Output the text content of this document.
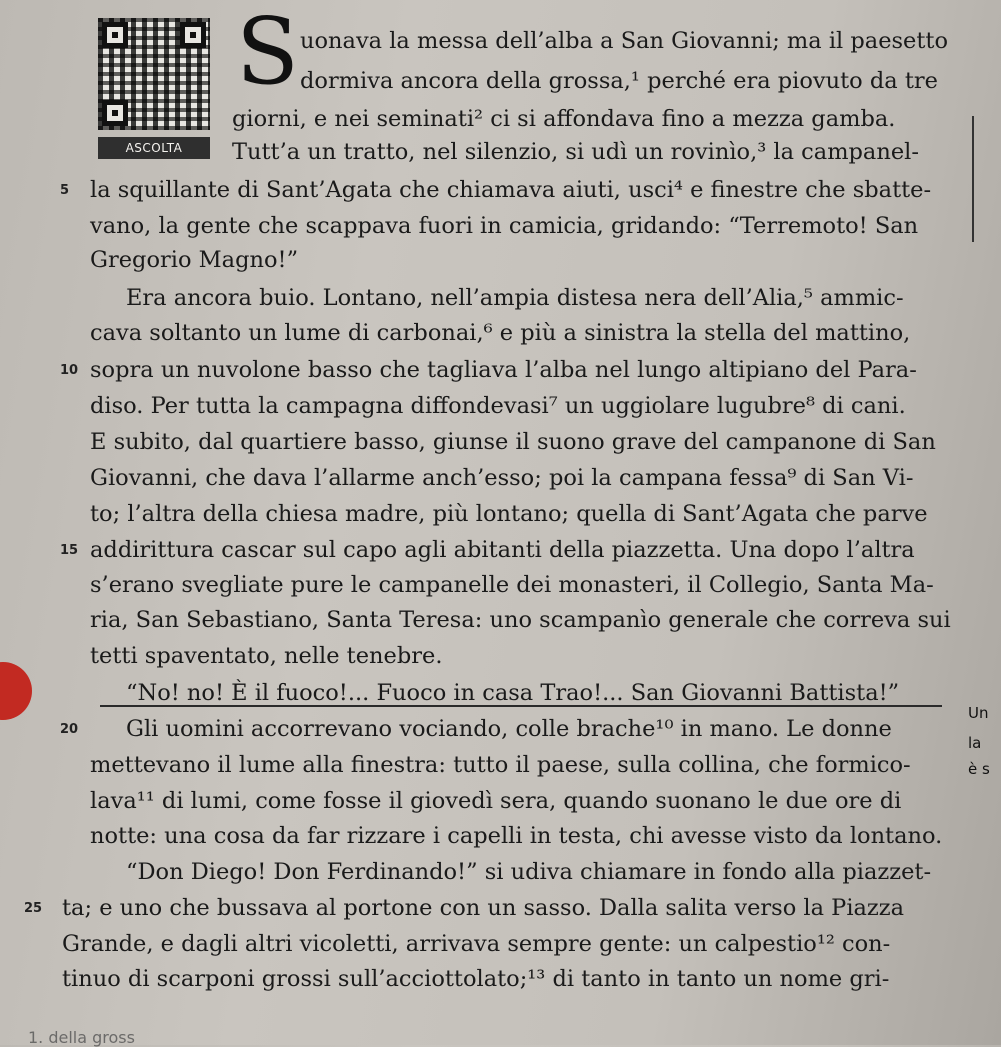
ASCOLTA
S uonava la messa dell’alba a San Giovanni; ma il paesetto
dormiva ancora della grossa,¹ perché era piovuto da tre
giorni, e nei seminati² ci si affondava fino a mezza gamba.
Tutt’a un tratto, nel silenzio, si udì un rovinìo,³ la campanel-
la squillante di Sant’Agata che chiamava aiuti, usci⁴ e finestre che sbatte-
vano, la gente che scappava fuori in camicia, gridando: “Terremoto! San
Gregorio Magno!”
Era ancora buio. Lontano, nell’ampia distesa nera dell’Alia,⁵ ammic-
cava soltanto un lume di carbonai,⁶ e più a sinistra la stella del mattino,
sopra un nuvolone basso che tagliava l’alba nel lungo altipiano del Para-
diso. Per tutta la campagna diffondevasi⁷ un uggiolare lugubre⁸ di cani.
E subito, dal quartiere basso, giunse il suono grave del campanone di San
Giovanni, che dava l’allarme anch’esso; poi la campana fessa⁹ di San Vi-
to; l’altra della chiesa madre, più lontano; quella di Sant’Agata che parve
addirittura cascar sul capo agli abitanti della piazzetta. Una dopo l’altra
s’erano svegliate pure le campanelle dei monasteri, il Collegio, Santa Ma-
ria, San Sebastiano, Santa Teresa: uno scampanìo generale che correva sui
tetti spaventato, nelle tenebre.
“No! no! È il fuoco!... Fuoco in casa Trao!... San Giovanni Battista!”
Gli uomini accorrevano vociando, colle brache¹⁰ in mano. Le donne
mettevano il lume alla finestra: tutto il paese, sulla collina, che formico-
lava¹¹ di lumi, come fosse il giovedì sera, quando suonano le due ore di
notte: una cosa da far rizzare i capelli in testa, chi avesse visto da lontano.
“Don Diego! Don Ferdinando!” si udiva chiamare in fondo alla piazzet-
ta; e uno che bussava al portone con un sasso. Dalla salita verso la Piazza
Grande, e dagli altri vicoletti, arrivava sempre gente: un calpestio¹² con-
tinuo di scarponi grossi sull’acciottolato;¹³ di tanto in tanto un nome gri-
5
10
15
20
25
Un
la
è s
1. della gross
